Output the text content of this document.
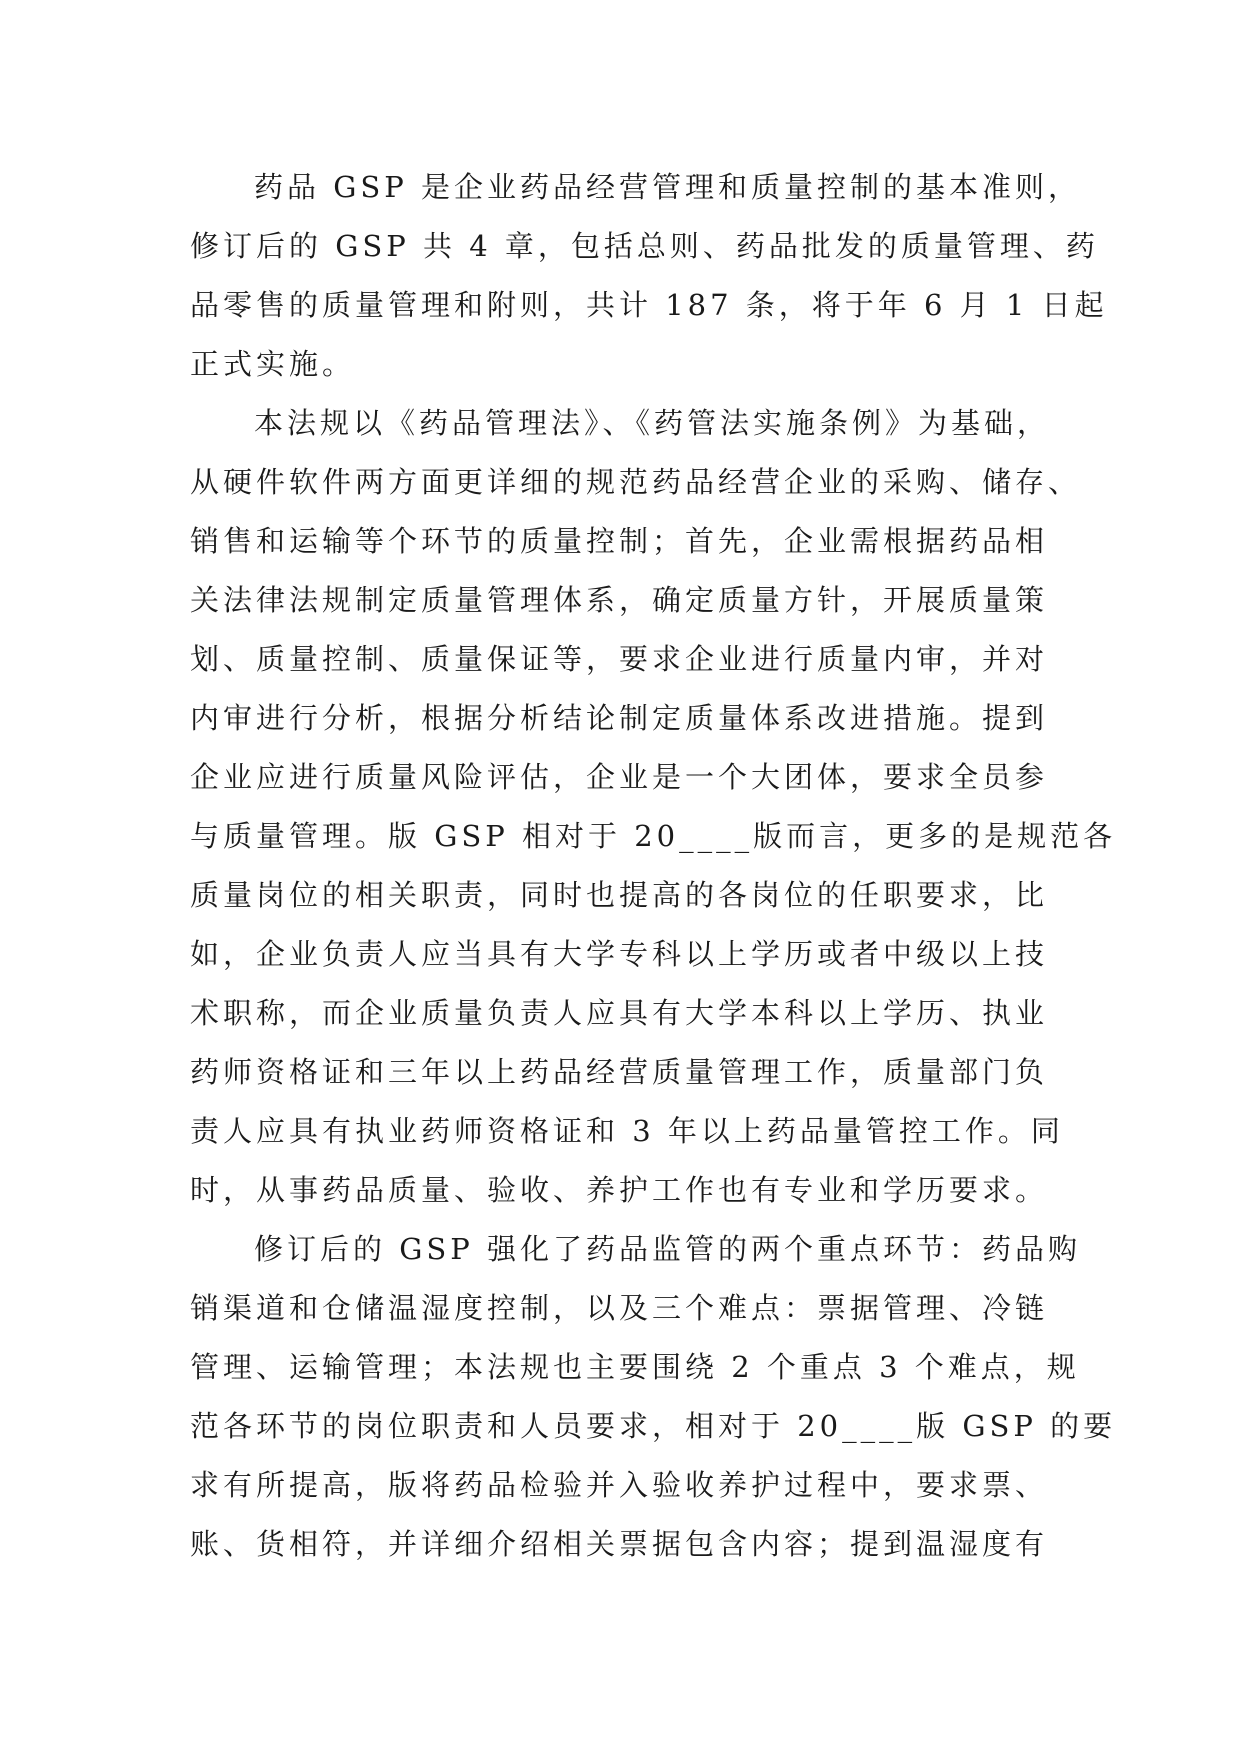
药品 GSP 是企业药品经营管理和质量控制的基本准则，
修订后的 GSP 共 4 章，包括总则、药品批发的质量管理、药
品零售的质量管理和附则，共计 187 条，将于年 6 月 1 日起
正式实施。
本法规以《药品管理法》、《药管法实施条例》为基础，
从硬件软件两方面更详细的规范药品经营企业的采购、储存、
销售和运输等个环节的质量控制；首先，企业需根据药品相
关法律法规制定质量管理体系，确定质量方针，开展质量策
划、质量控制、质量保证等，要求企业进行质量内审，并对
内审进行分析，根据分析结论制定质量体系改进措施。提到
企业应进行质量风险评估，企业是一个大团体，要求全员参
与质量管理。版 GSP 相对于 20____版而言，更多的是规范各
质量岗位的相关职责，同时也提高的各岗位的任职要求，比
如，企业负责人应当具有大学专科以上学历或者中级以上技
术职称，而企业质量负责人应具有大学本科以上学历、执业
药师资格证和三年以上药品经营质量管理工作，质量部门负
责人应具有执业药师资格证和 3 年以上药品量管控工作。同
时，从事药品质量、验收、养护工作也有专业和学历要求。
修订后的 GSP 强化了药品监管的两个重点环节：药品购
销渠道和仓储温湿度控制，以及三个难点：票据管理、冷链
管理、运输管理；本法规也主要围绕 2 个重点 3 个难点，规
范各环节的岗位职责和人员要求，相对于 20____版 GSP 的要
求有所提高，版将药品检验并入验收养护过程中，要求票、
账、货相符，并详细介绍相关票据包含内容；提到温湿度有
